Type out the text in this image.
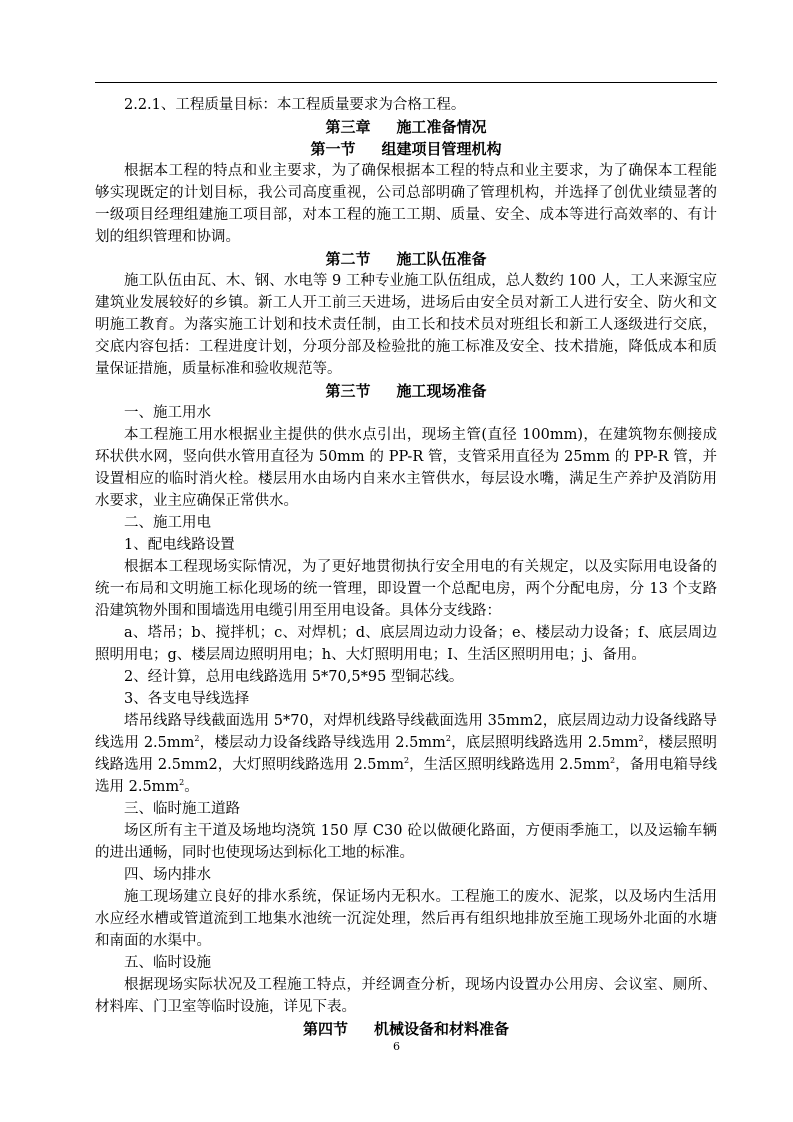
2.2.1、工程质量目标：本工程质量要求为合格工程。

第三章 施工准备情况

第一节 组建项目管理机构

根据本工程的特点和业主要求，为了确保根据本工程的特点和业主要求，为了确保本工程能够实现既定的计划目标，我公司高度重视，公司总部明确了管理机构，并选择了创优业绩显著的一级项目经理组建施工项目部，对本工程的施工工期、质量、安全、成本等进行高效率的、有计划的组织管理和协调。

第二节 施工队伍准备

施工队伍由瓦、木、钢、水电等 9 工种专业施工队伍组成，总人数约 100 人，工人来源宝应建筑业发展较好的乡镇。新工人开工前三天进场，进场后由安全员对新工人进行安全、防火和文明施工教育。为落实施工计划和技术责任制，由工长和技术员对班组长和新工人逐级进行交底，交底内容包括：工程进度计划，分项分部及检验批的施工标准及安全、技术措施，降低成本和质量保证措施，质量标准和验收规范等。

第三节 施工现场准备

一、施工用水

本工程施工用水根据业主提供的供水点引出，现场主管(直径 100mm)，在建筑物东侧接成环状供水网，竖向供水管用直径为 50mm 的 PP-R 管，支管采用直径为 25mm 的 PP-R 管，并设置相应的临时消火栓。楼层用水由场内自来水主管供水，每层设水嘴，满足生产养护及消防用水要求，业主应确保正常供水。

二、施工用电

1、配电线路设置

根据本工程现场实际情况，为了更好地贯彻执行安全用电的有关规定，以及实际用电设备的统一布局和文明施工标化现场的统一管理，即设置一个总配电房，两个分配电房，分 13 个支路沿建筑物外围和围墙选用电缆引用至用电设备。具体分支线路：

a、塔吊；b、搅拌机；c、对焊机；d、底层周边动力设备；e、楼层动力设备；f、底层周边照明用电；g、楼层周边照明用电；h、大灯照明用电；I、生活区照明用电；j、备用。

2、经计算，总用电线路选用 5*70,5*95 型铜芯线。

3、各支电导线选择

塔吊线路导线截面选用 5*70，对焊机线路导线截面选用 35mm2，底层周边动力设备线路导线选用 $2.5mm^2$，楼层动力设备线路导线选用 $2.5mm^2$，底层照明线路选用 $2.5mm^2$，楼层照明线路选用 2.5mm2，大灯照明线路选用 $2.5mm^2$，生活区照明线路选用 $2.5mm^2$，备用电箱导线选用 $2.5mm^2$。

三、临时施工道路

场区所有主干道及场地均浇筑 150 厚 C30 砼以做硬化路面，方便雨季施工，以及运输车辆的进出通畅，同时也使现场达到标化工地的标准。

四、场内排水

施工现场建立良好的排水系统，保证场内无积水。工程施工的废水、泥浆，以及场内生活用水应经水槽或管道流到工地集水池统一沉淀处理，然后再有组织地排放至施工现场外北面的水塘和南面的水渠中。

五、临时设施

根据现场实际状况及工程施工特点，并经调查分析，现场内设置办公用房、会议室、厕所、材料库、门卫室等临时设施，详见下表。

第四节 机械设备和材料准备

6
